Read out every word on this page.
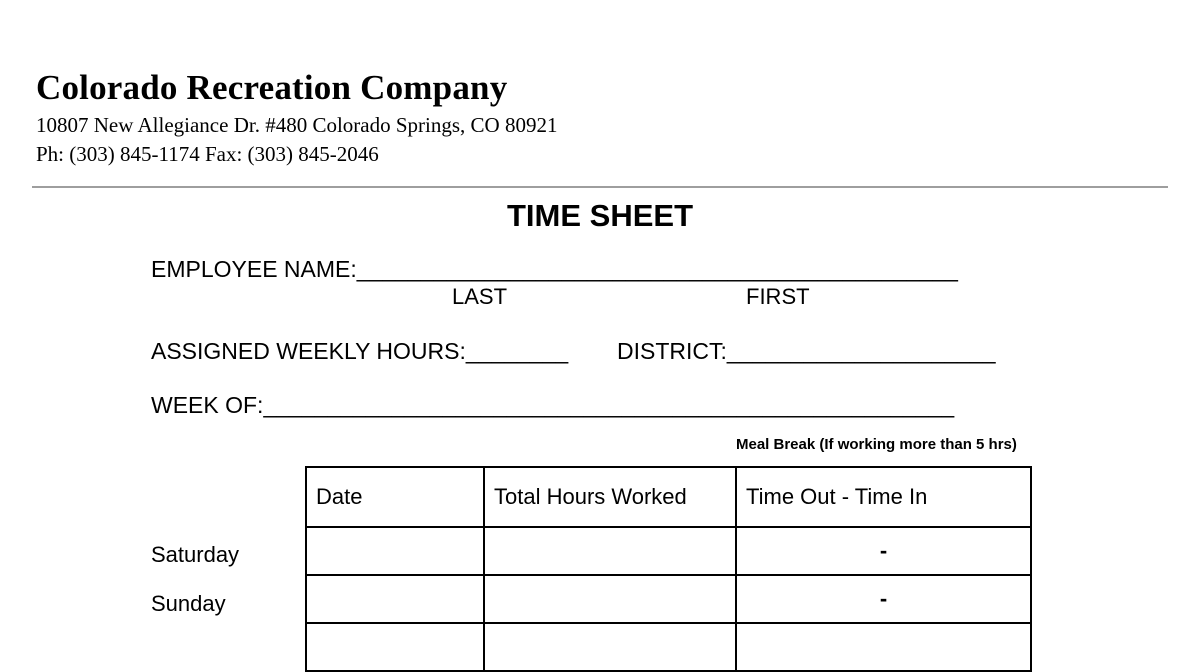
Colorado Recreation Company
10807 New Allegiance Dr. #480 Colorado Springs, CO 80921
Ph: (303) 845-1174 Fax: (303) 845-2046
TIME SHEET
EMPLOYEE NAME:_______________________________________________
LAST	FIRST
ASSIGNED WEEKLY HOURS:________ DISTRICT:_____________________
WEEK OF:______________________________________________________
Meal Break (If working more than 5 hrs)
Saturday
Sunday
Date	Total Hours Worked	Time Out - Time In
		-
		-
